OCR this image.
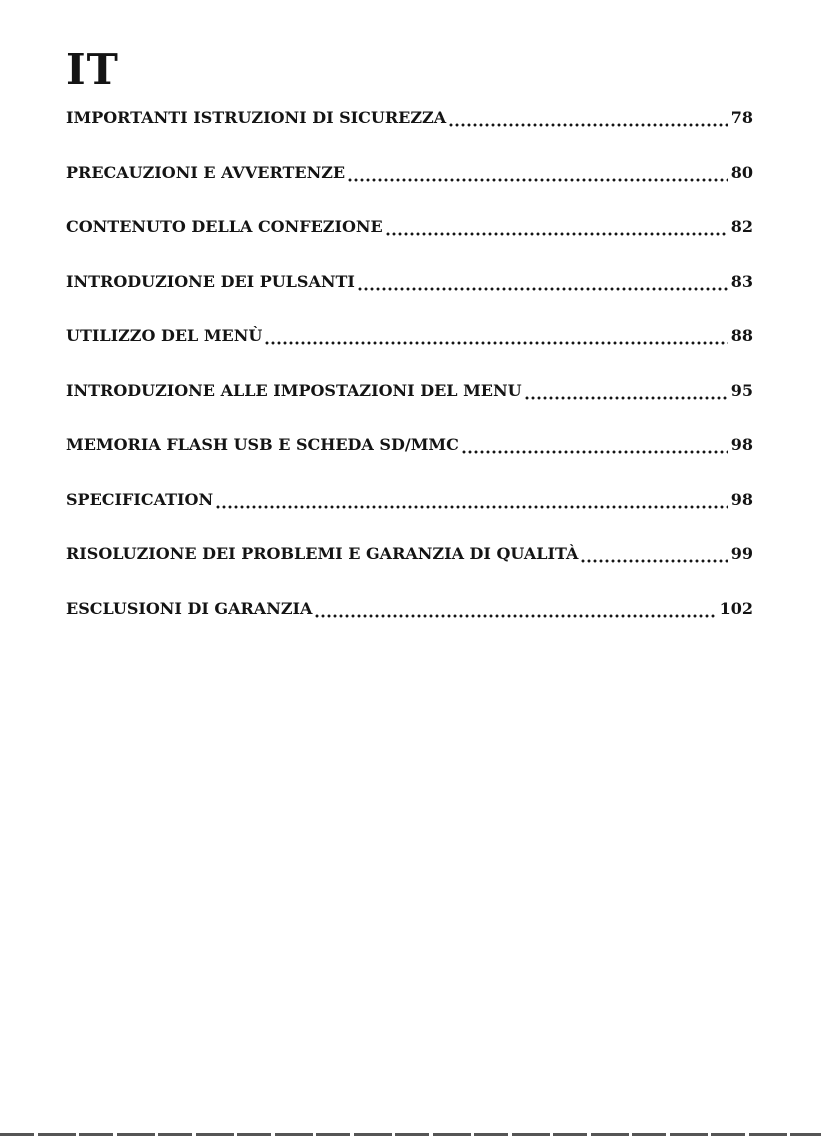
IT
IMPORTANTI ISTRUZIONI DI SICUREZZA	78
PRECAUZIONI E AVVERTENZE	80
CONTENUTO DELLA CONFEZIONE	82
INTRODUZIONE DEI PULSANTI	83
UTILIZZO DEL MENÙ	88
INTRODUZIONE ALLE IMPOSTAZIONI DEL MENU	95
MEMORIA FLASH USB E SCHEDA SD/MMC	98
SPECIFICATION	98
RISOLUZIONE DEI PROBLEMI E GARANZIA DI QUALITÀ	99
ESCLUSIONI DI GARANZIA	102
